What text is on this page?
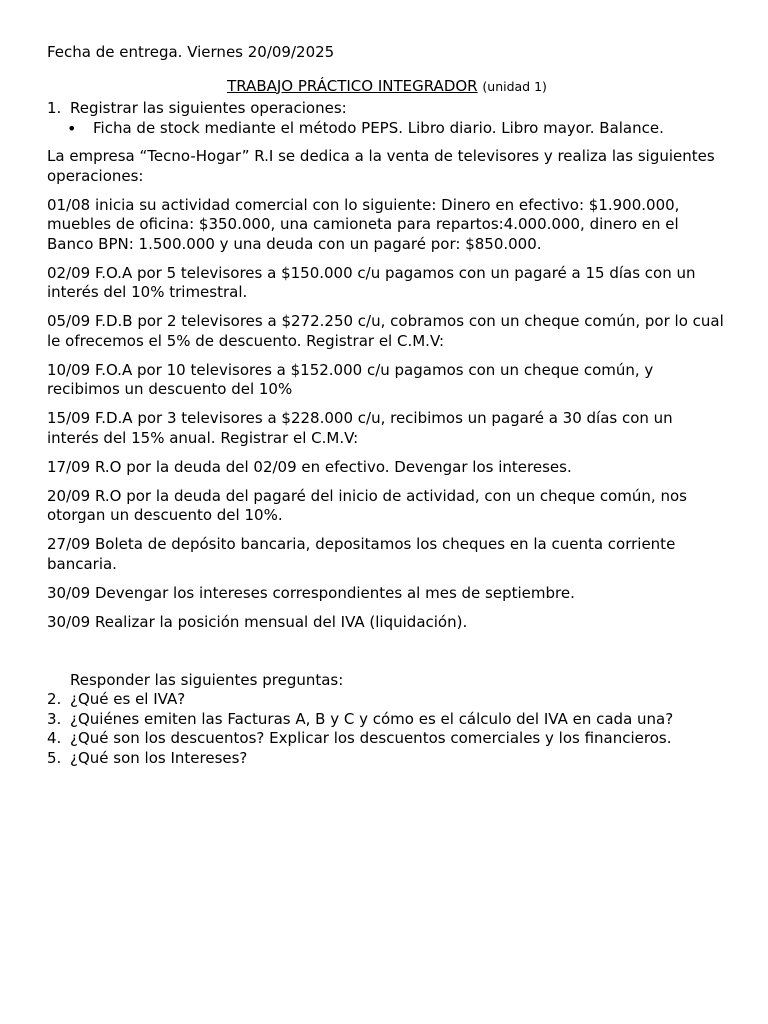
Fecha de entrega. Viernes 20/09/2025

TRABAJO PRÁCTICO INTEGRADOR (unidad 1)

1. Registrar las siguientes operaciones:
•	Ficha de stock mediante el método PEPS. Libro diario. Libro mayor. Balance.

La empresa “Tecno-Hogar” R.I se dedica a la venta de televisores y realiza las siguientes operaciones:

01/08 inicia su actividad comercial con lo siguiente: Dinero en efectivo: $1.900.000, muebles de oficina: $350.000, una camioneta para repartos:4.000.000, dinero en el Banco BPN: 1.500.000 y una deuda con un pagaré por: $850.000.

02/09 F.O.A por 5 televisores a $150.000 c/u pagamos con un pagaré a 15 días con un interés del 10% trimestral.

05/09 F.D.B por 2 televisores a $272.250 c/u, cobramos con un cheque común, por lo cual le ofrecemos el 5% de descuento. Registrar el C.M.V:

10/09 F.O.A por 10 televisores a $152.000 c/u pagamos con un cheque común, y recibimos un descuento del 10%

15/09 F.D.A por 3 televisores a $228.000 c/u, recibimos un pagaré a 30 días con un interés del 15% anual. Registrar el C.M.V:

17/09 R.O por la deuda del 02/09 en efectivo. Devengar los intereses.

20/09 R.O por la deuda del pagaré del inicio de actividad, con un cheque común, nos otorgan un descuento del 10%.

27/09 Boleta de depósito bancaria, depositamos los cheques en la cuenta corriente bancaria.

30/09 Devengar los intereses correspondientes al mes de septiembre.

30/09 Realizar la posición mensual del IVA (liquidación).

Responder las siguientes preguntas:

2. ¿Qué es el IVA?
3. ¿Quiénes emiten las Facturas A, B y C y cómo es el cálculo del IVA en cada una?
4. ¿Qué son los descuentos? Explicar los descuentos comerciales y los financieros.
5. ¿Qué son los Intereses?
